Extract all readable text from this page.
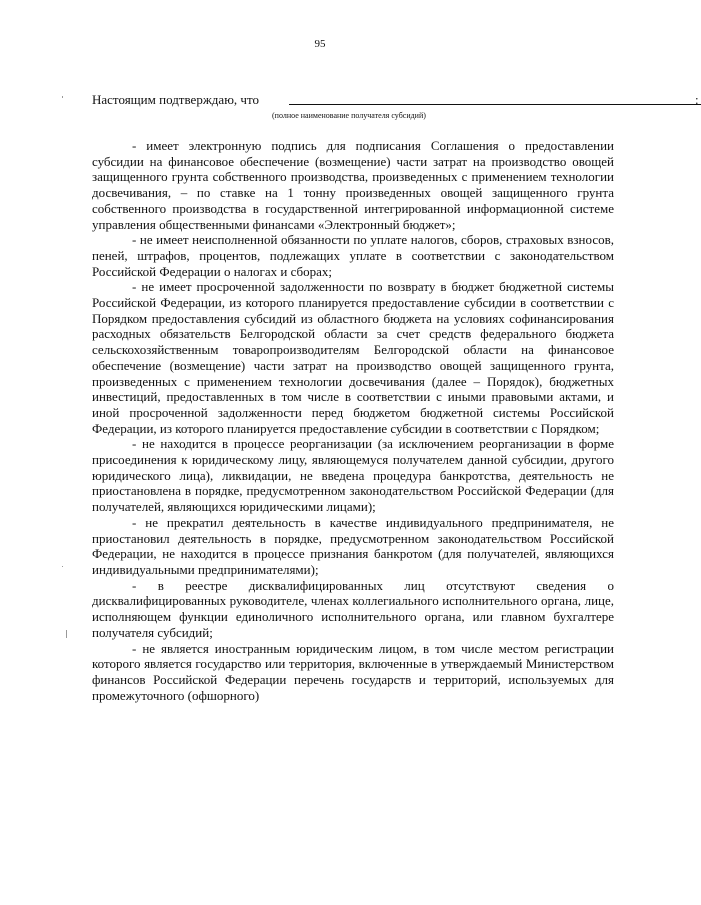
95
Настоящим подтверждаю, что	:
(полное наименование получателя субсидий)

- имеет электронную подпись для подписания Соглашения о предоставлении субсидии на финансовое обеспечение (возмещение) части затрат на производство овощей защищенного грунта собственного производства, произведенных с применением технологии досвечивания, – по ставке на 1 тонну произведенных овощей защищенного грунта собственного производства в государственной интегрированной информационной системе управления общественными финансами «Электронный бюджет»;

- не имеет неисполненной обязанности по уплате налогов, сборов, страховых взносов, пеней, штрафов, процентов, подлежащих уплате в соответствии с законодательством Российской Федерации о налогах и сборах;

- не имеет просроченной задолженности по возврату в бюджет бюджетной системы Российской Федерации, из которого планируется предоставление субсидии в соответствии с Порядком предоставления субсидий из областного бюджета на условиях софинансирования расходных обязательств Белгородской области за счет средств федерального бюджета сельскохозяйственным товаропроизводителям Белгородской области на финансовое обеспечение (возмещение) части затрат на производство овощей защищенного грунта, произведенных с применением технологии досвечивания (далее – Порядок), бюджетных инвестиций, предоставленных в том числе в соответствии с иными правовыми актами, и иной просроченной задолженности перед бюджетом бюджетной системы Российской Федерации, из которого планируется предоставление субсидии в соответствии с Порядком;

- не находится в процессе реорганизации (за исключением реорганизации в форме присоединения к юридическому лицу, являющемуся получателем данной субсидии, другого юридического лица), ликвидации, не введена процедура банкротства, деятельность не приостановлена в порядке, предусмотренном законодательством Российской Федерации (для получателей, являющихся юридическими лицами);

- не прекратил деятельность в качестве индивидуального предпринимателя, не приостановил деятельность в порядке, предусмотренном законодательством Российской Федерации, не находится в процессе признания банкротом (для получателей, являющихся индивидуальными предпринимателями);

- в реестре дисквалифицированных лиц отсутствуют сведения о дисквалифицированных руководителе, членах коллегиального исполнительного органа, лице, исполняющем функции единоличного исполнительного органа, или главном бухгалтере получателя субсидий;

- не является иностранным юридическим лицом, в том числе местом регистрации которого является государство или территория, включенные в утверждаемый Министерством финансов Российской Федерации перечень государств и территорий, используемых для промежуточного (офшорного)
